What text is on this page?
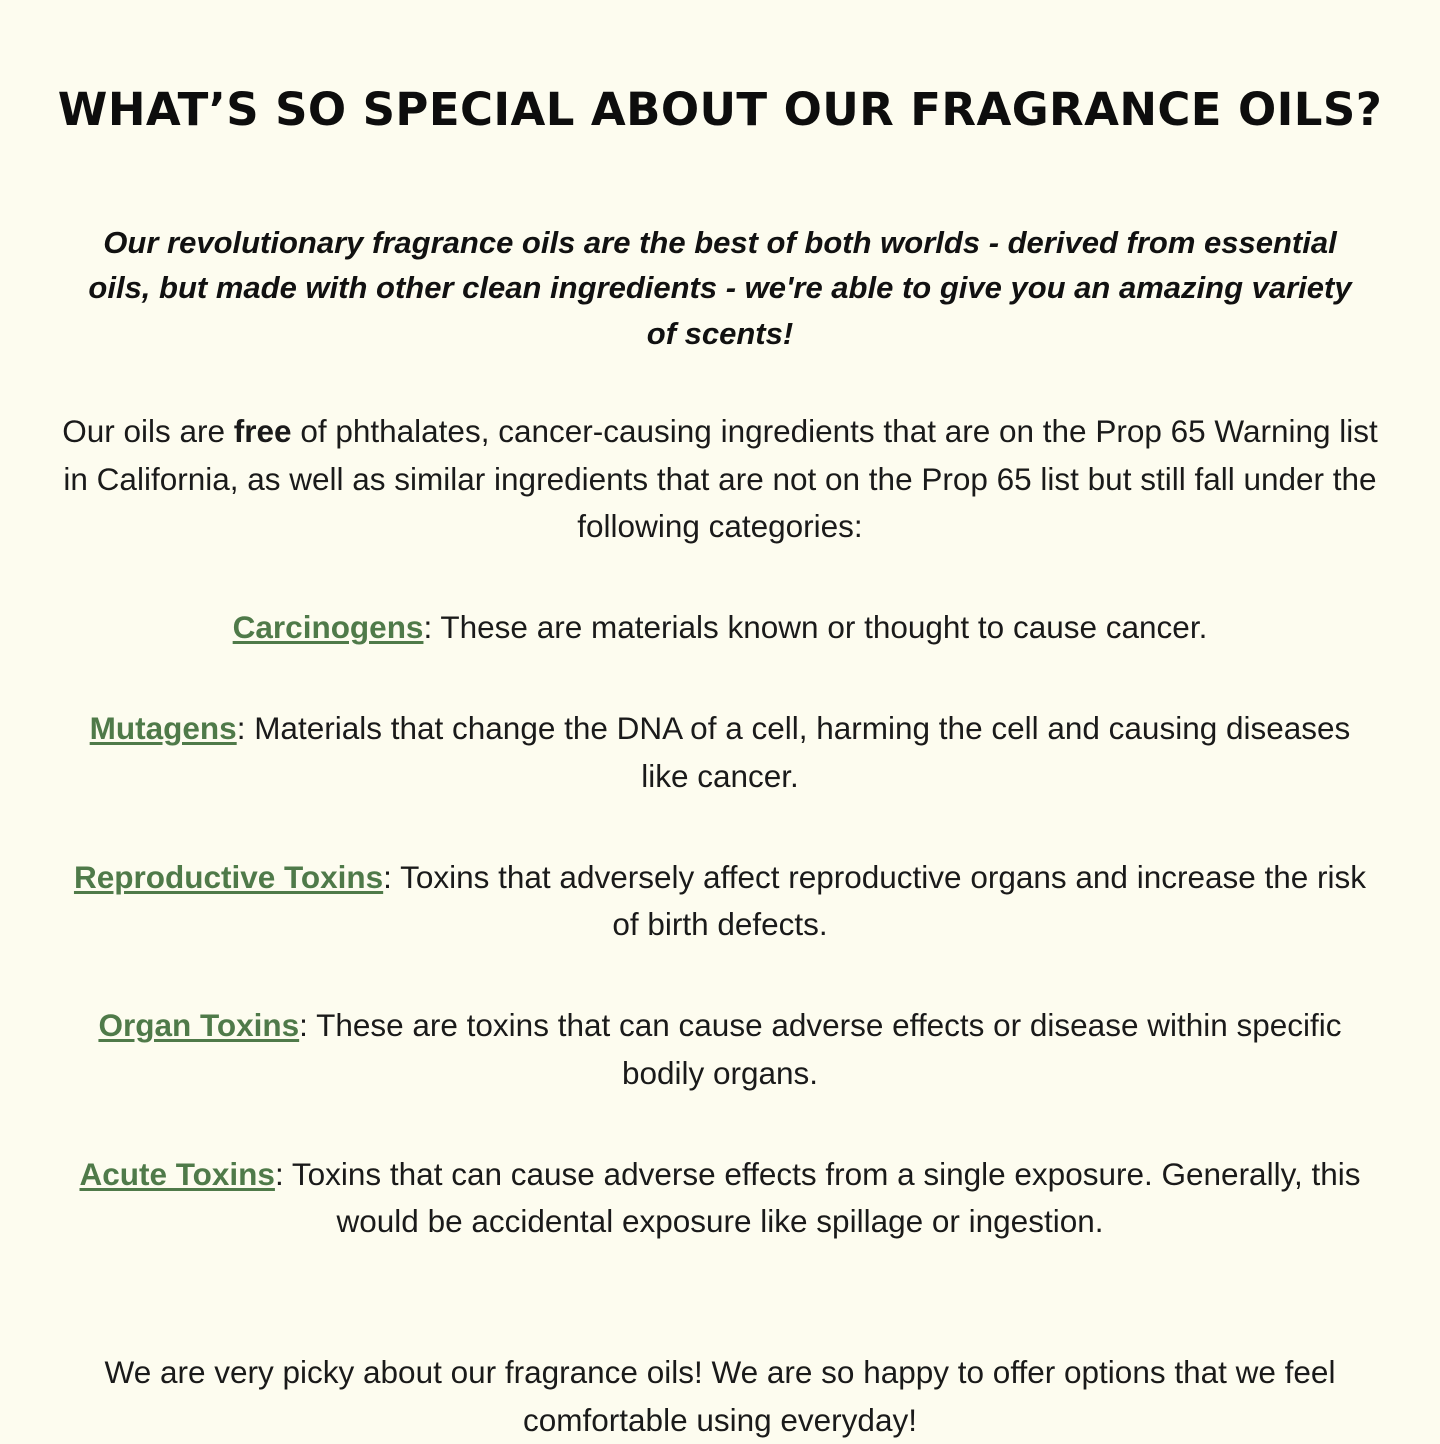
WHAT’S SO SPECIAL ABOUT OUR FRAGRANCE OILS?

Our revolutionary fragrance oils are the best of both worlds - derived from essential oils, but made with other clean ingredients - we're able to give you an amazing variety of scents!

Our oils are free of phthalates, cancer-causing ingredients that are on the Prop 65 Warning list in California, as well as similar ingredients that are not on the Prop 65 list but still fall under the following categories:

Carcinogens: These are materials known or thought to cause cancer.
Mutagens: Materials that change the DNA of a cell, harming the cell and causing diseases like cancer.
Reproductive Toxins: Toxins that adversely affect reproductive organs and increase the risk of birth defects.
Organ Toxins: These are toxins that can cause adverse effects or disease within specific bodily organs.
Acute Toxins: Toxins that can cause adverse effects from a single exposure. Generally, this would be accidental exposure like spillage or ingestion.

We are very picky about our fragrance oils! We are so happy to offer options that we feel comfortable using everyday!
